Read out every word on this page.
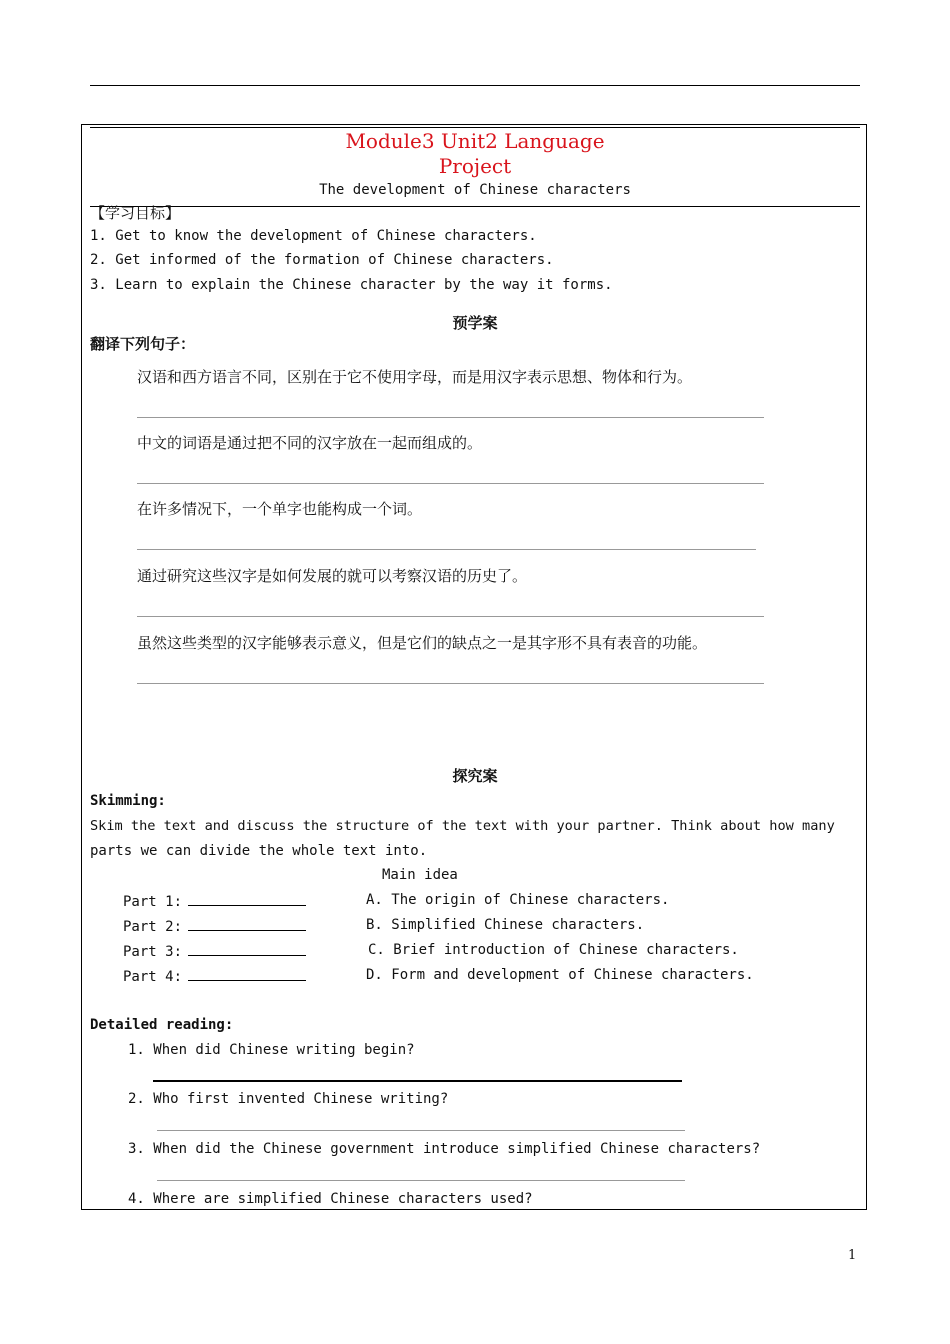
Module3 Unit2 Language
Project
The development of Chinese characters
【学习目标】
1. Get to know the development of Chinese characters.
2. Get informed of the formation of Chinese characters.
3. Learn to explain the Chinese character by the way it forms.
预学案
翻译下列句子：
汉语和西方语言不同，区别在于它不使用字母，而是用汉字表示思想、物体和行为。
中文的词语是通过把不同的汉字放在一起而组成的。
在许多情况下，一个单字也能构成一个词。
通过研究这些汉字是如何发展的就可以考察汉语的历史了。
虽然这些类型的汉字能够表示意义，但是它们的缺点之一是其字形不具有表音的功能。
探究案
Skimming:
Skim the text and discuss the structure of the text with your partner. Think about how many
parts we can divide the whole text into.
Main idea
Part 1:	A. The origin of Chinese characters.
Part 2:	B. Simplified Chinese characters.
Part 3:	C. Brief introduction of Chinese characters.
Part 4:	D. Form and development of Chinese characters.
Detailed reading:
1. When did Chinese writing begin?
2. Who first invented Chinese writing?
3. When did the Chinese government introduce simplified Chinese characters?
4. Where are simplified Chinese characters used?
1
